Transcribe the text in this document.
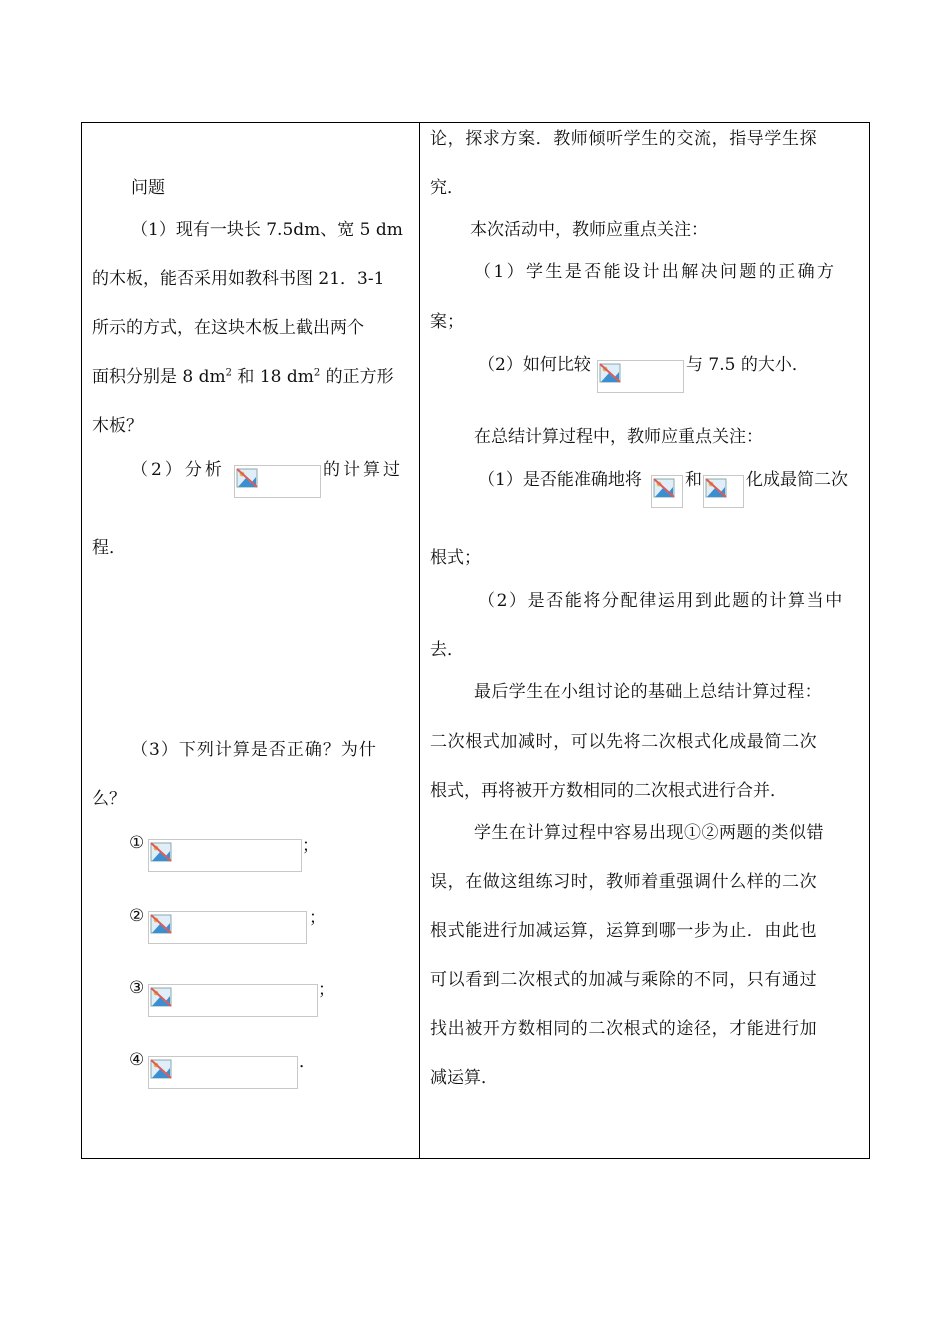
问题
（1）现有一块长 7.5dm、宽 5 dm
的木板，能否采用如教科书图 21．3-1
所示的方式，在这块木板上截出两个
面积分别是 8 $dm^2$ 和 18 $dm^2$ 的正方形
木板？
（2）分析	的计算过
程．
（3）下列计算是否正确？为什
么？
①	；
②	；
③	；
④	．
论，探求方案．教师倾听学生的交流，指导学生探
究．
本次活动中，教师应重点关注：
（1）学生是否能设计出解决问题的正确方
案；
（2）如何比较	与 7.5 的大小．
在总结计算过程中，教师应重点关注：
（1）是否能准确地将	和	化成最简二次
根式；
（2）是否能将分配律运用到此题的计算当中
去．
最后学生在小组讨论的基础上总结计算过程：
二次根式加减时，可以先将二次根式化成最简二次
根式，再将被开方数相同的二次根式进行合并．
学生在计算过程中容易出现①②两题的类似错
误，在做这组练习时，教师着重强调什么样的二次
根式能进行加减运算，运算到哪一步为止．由此也
可以看到二次根式的加减与乘除的不同，只有通过
找出被开方数相同的二次根式的途径，才能进行加
减运算．
